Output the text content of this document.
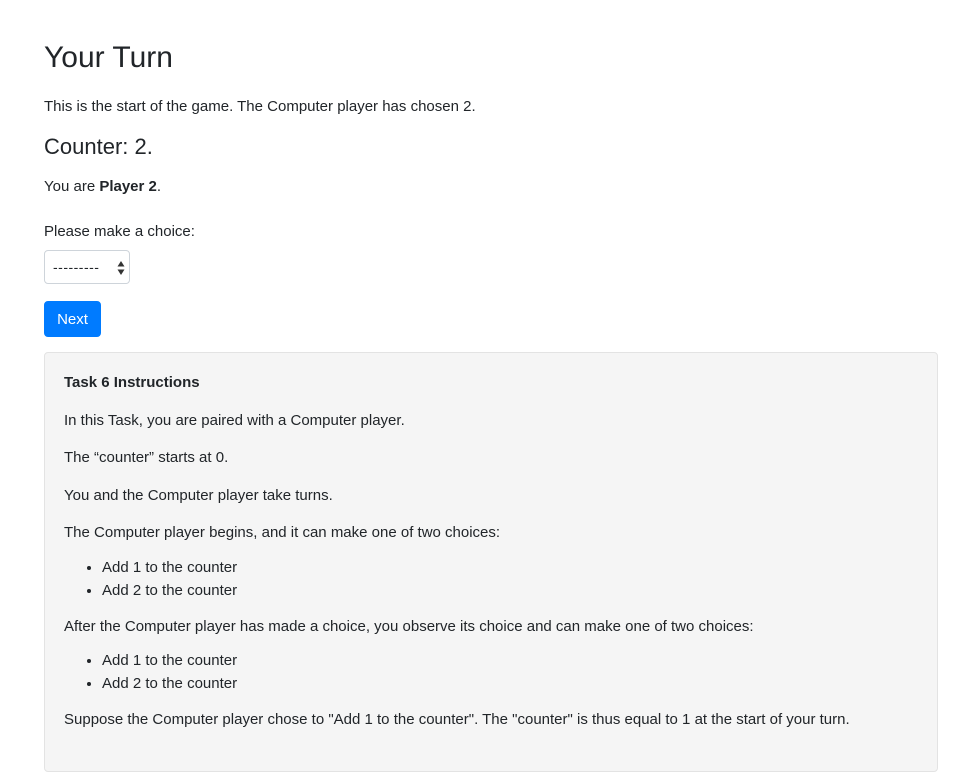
Your Turn

This is the start of the game. The Computer player has chosen 2.

Counter: 2.

You are Player 2.

Please make a choice:

---------
Next

Task 6 Instructions

In this Task, you are paired with a Computer player.

The “counter” starts at 0.

You and the Computer player take turns.

The Computer player begins, and it can make one of two choices:

• Add 1 to the counter
• Add 2 to the counter

After the Computer player has made a choice, you observe its choice and can make one of two choices:

• Add 1 to the counter
• Add 2 to the counter

Suppose the Computer player chose to "Add 1 to the counter". The "counter" is thus equal to 1 at the start of your turn.
